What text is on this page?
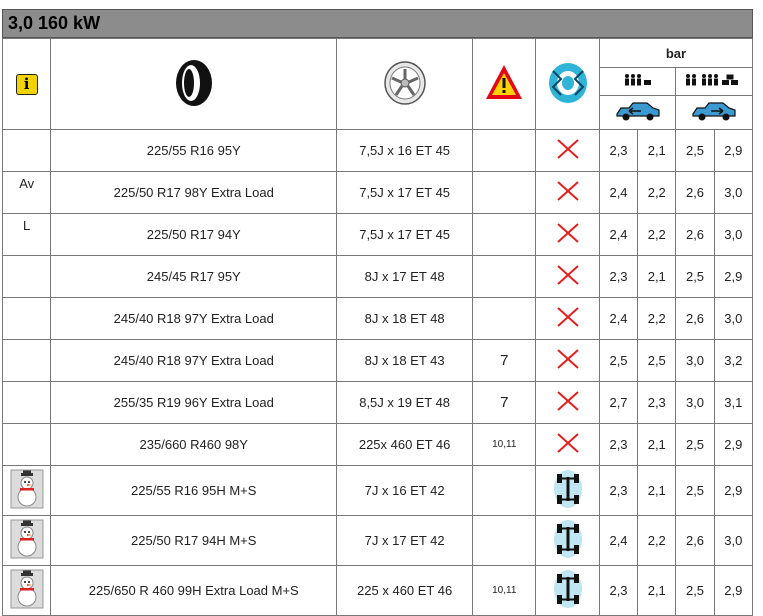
3,0 160 kW
i					bar			

	225/55 R16 95Y	7,5J x 16 ET 45			2,3	2,1	2,5	2,9
Av	225/50 R17 98Y Extra Load	7,5J x 17 ET 45			2,4	2,2	2,6	3,0
L	225/50 R17 94Y	7,5J x 17 ET 45			2,4	2,2	2,6	3,0
	245/45 R17 95Y	8J x 17 ET 48			2,3	2,1	2,5	2,9
	245/40 R18 97Y Extra Load	8J x 18 ET 48			2,4	2,2	2,6	3,0
	245/40 R18 97Y Extra Load	8J x 18 ET 43	7		2,5	2,5	3,0	3,2
	255/35 R19 96Y Extra Load	8,5J x 19 ET 48	7		2,7	2,3	3,0	3,1
	235/660 R460 98Y	225x 460 ET 46	10,11		2,3	2,1	2,5	2,9
	225/55 R16 95H M+S	7J x 16 ET 42			2,3	2,1	2,5	2,9
	225/50 R17 94H M+S	7J x 17 ET 42			2,4	2,2	2,6	3,0
	225/650 R 460 99H Extra Load M+S	225 x 460 ET 46	10,11		2,3	2,1	2,5	2,9
